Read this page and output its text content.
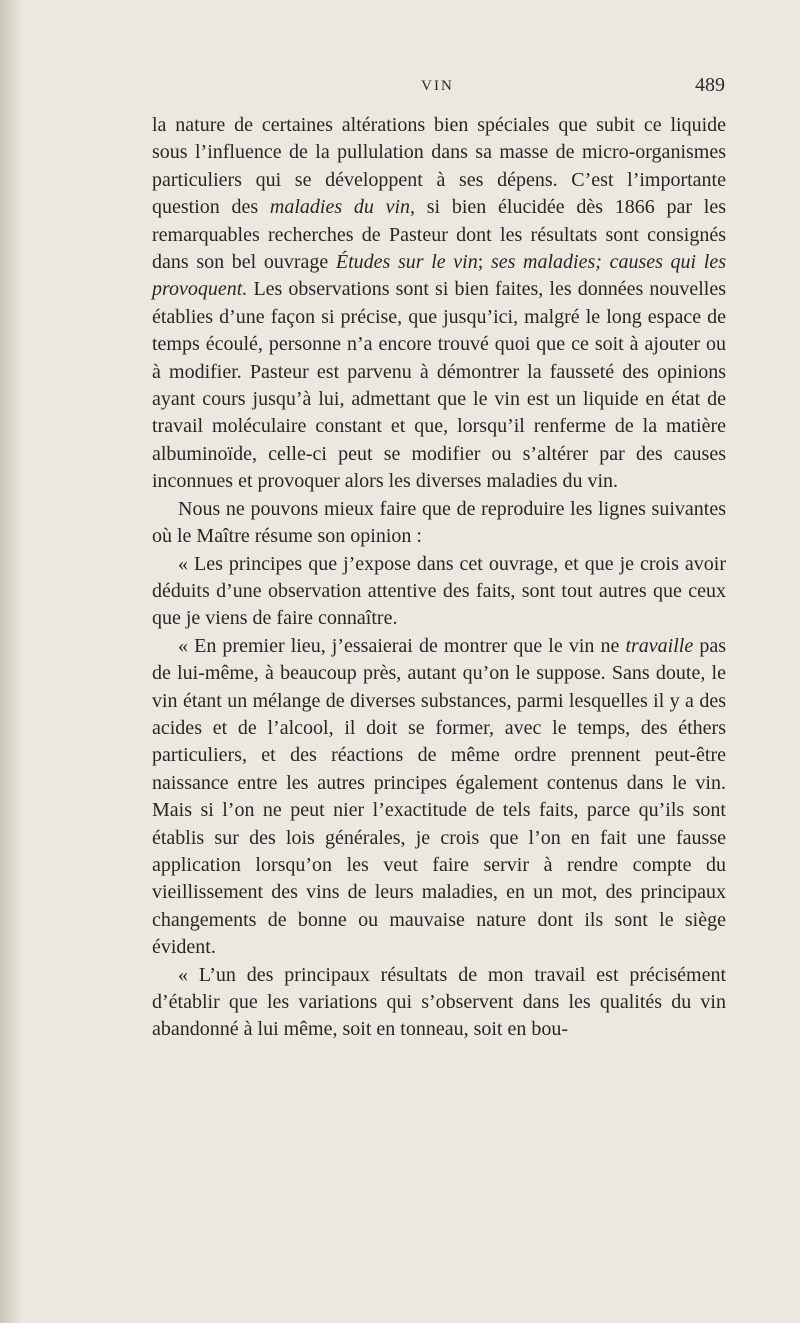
VIN	489

la nature de certaines altérations bien spéciales que subit ce liquide sous l’influence de la pullulation dans sa masse de micro-organismes particuliers qui se développent à ses dépens. C’est l’importante question des maladies du vin, si bien élucidée dès 1866 par les remarquables recherches de Pasteur dont les résultats sont consignés dans son bel ouvrage Études sur le vin; ses maladies; causes qui les provoquent. Les observations sont si bien faites, les données nouvelles établies d’une façon si précise, que jusqu’ici, malgré le long espace de temps écoulé, personne n’a encore trouvé quoi que ce soit à ajouter ou à modifier. Pasteur est parvenu à démontrer la fausseté des opinions ayant cours jusqu’à lui, admettant que le vin est un liquide en état de travail moléculaire constant et que, lorsqu’il renferme de la matière albuminoïde, celle-ci peut se modifier ou s’altérer par des causes inconnues et provoquer alors les diverses maladies du vin.

Nous ne pouvons mieux faire que de reproduire les lignes suivantes où le Maître résume son opinion :

« Les principes que j’expose dans cet ouvrage, et que je crois avoir déduits d’une observation attentive des faits, sont tout autres que ceux que je viens de faire connaître.

« En premier lieu, j’essaierai de montrer que le vin ne travaille pas de lui-même, à beaucoup près, autant qu’on le suppose. Sans doute, le vin étant un mélange de diverses substances, parmi lesquelles il y a des acides et de l’alcool, il doit se former, avec le temps, des éthers particuliers, et des réactions de même ordre prennent peut-être naissance entre les autres principes également contenus dans le vin. Mais si l’on ne peut nier l’exactitude de tels faits, parce qu’ils sont établis sur des lois générales, je crois que l’on en fait une fausse application lorsqu’on les veut faire servir à rendre compte du vieillissement des vins de leurs maladies, en un mot, des principaux changements de bonne ou mauvaise nature dont ils sont le siège évident.

« L’un des principaux résultats de mon travail est précisément d’établir que les variations qui s’observent dans les qualités du vin abandonné à lui même, soit en tonneau, soit en bou-
